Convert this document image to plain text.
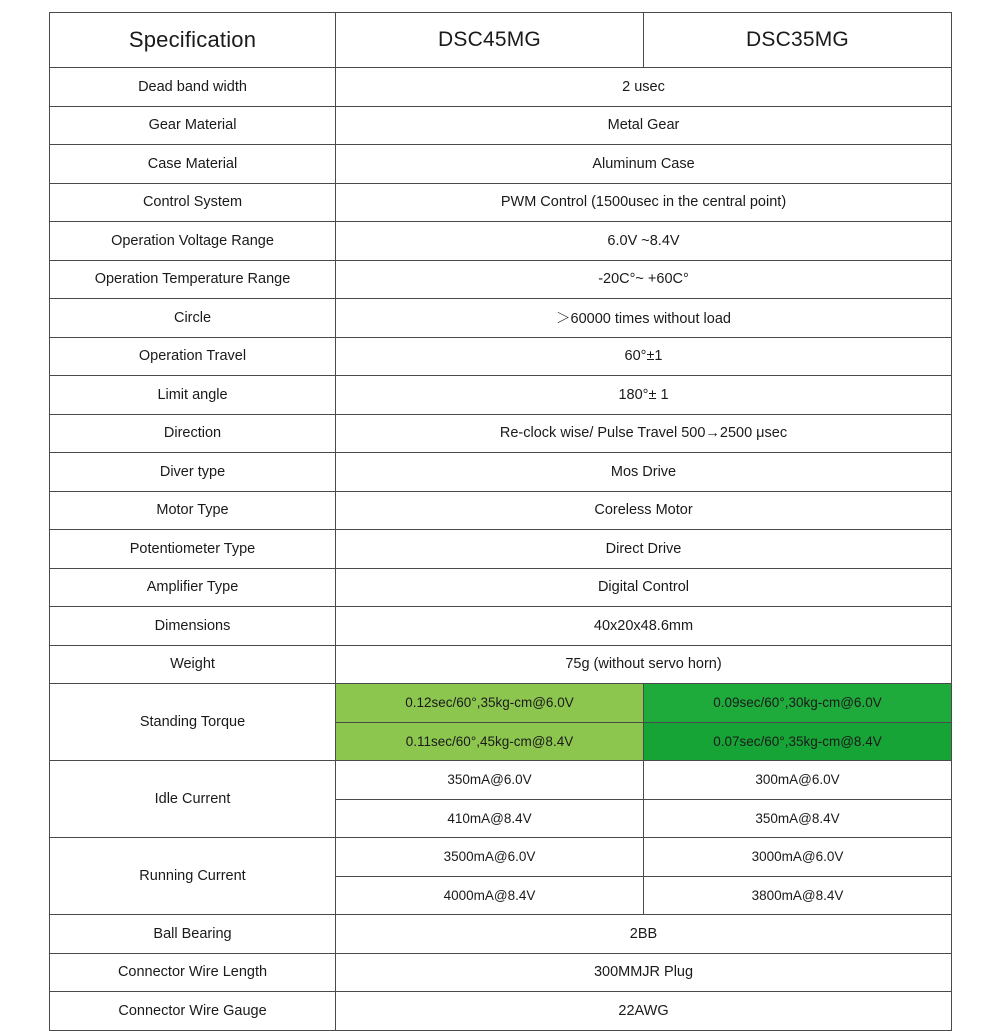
Specification	DSC45MG	DSC35MG
Dead band width	2 usec	
Gear Material	Metal Gear	
Case Material	Aluminum Case	
Control System	PWM Control (1500usec in the central point)	
Operation Voltage Range	6.0V ~8.4V	
Operation Temperature Range	-20C°~ +60C°	
Circle	＞60000 times without load	
Operation Travel	60°±1	
Limit angle	180°± 1	
Direction	Re-clock wise/ Pulse Travel 500→2500 μsec	
Diver type	Mos Drive	
Motor Type	Coreless Motor	
Potentiometer Type	Direct Drive	
Amplifier Type	Digital Control	
Dimensions	40x20x48.6mm	
Weight	75g (without servo horn)	
Standing Torque	0.12sec/60°,35kg-cm@6.0V	0.09sec/60°,30kg-cm@6.0V
	0.11sec/60°,45kg-cm@8.4V	0.07sec/60°,35kg-cm@8.4V
Idle Current	350mA@6.0V	300mA@6.0V
	410mA@8.4V	350mA@8.4V
Running Current	3500mA@6.0V	3000mA@6.0V
	4000mA@8.4V	3800mA@8.4V
Ball Bearing	2BB	
Connector Wire Length	300MMJR Plug	
Connector Wire Gauge	22AWG	
